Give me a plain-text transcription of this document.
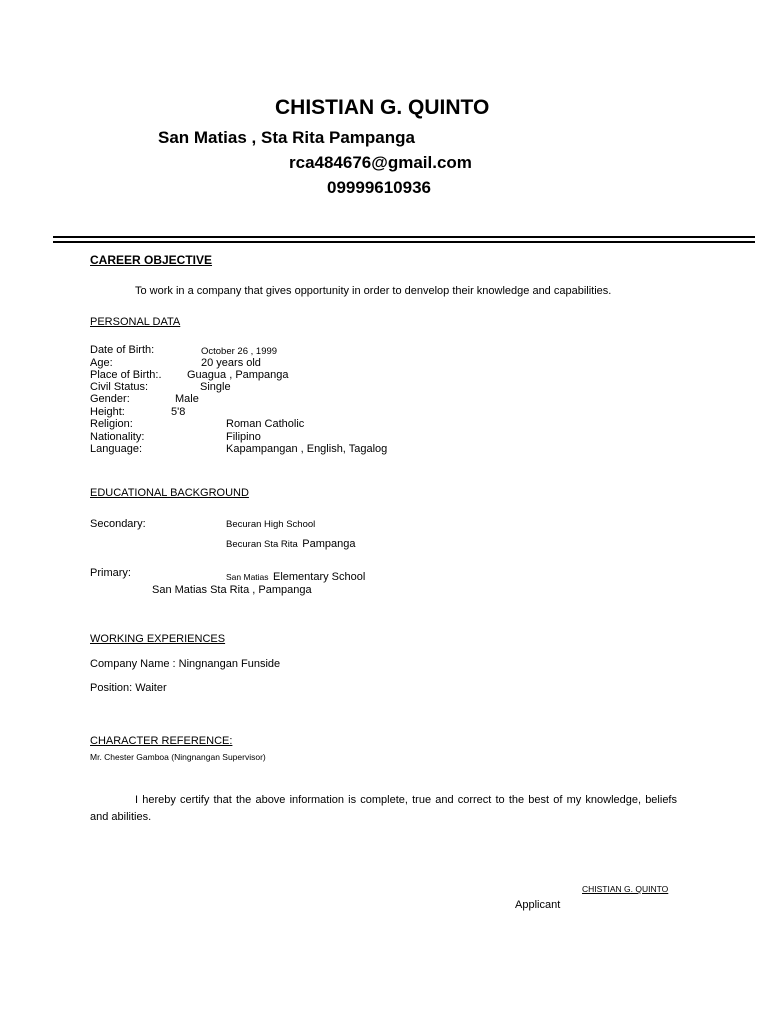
CHISTIAN G. QUINTO
San Matias , Sta Rita Pampanga
rca484676@gmail.com
09999610936
CAREER OBJECTIVE
To work in a company that gives opportunity in order to denvelop their knowledge and capabilities.
PERSONAL DATA
Date of Birth:	October 26 , 1999
Age:	20 years old
Place of Birth:. Guagua , Pampanga
Civil Status:	Single
Gender:	Male
Height:	5'8
Religion:	Roman Catholic
Nationality:	Filipino
Language:	Kapampangan , English, Tagalog
EDUCATIONAL BACKGROUND
Secondary:	Becuran High School
Becuran Sta Rita Pampanga
Primary:	San Matias Elementary School
San Matias Sta Rita , Pampanga
WORKING EXPERIENCES
Company Name : Ningnangan Funside
Position: Waiter
CHARACTER REFERENCE:
Mr. Chester Gamboa (Ningnangan Supervisor)
I hereby certify that the above information is complete, true and correct to the best of my knowledge, beliefs and abilities.
CHISTIAN G. QUINTO
Applicant
